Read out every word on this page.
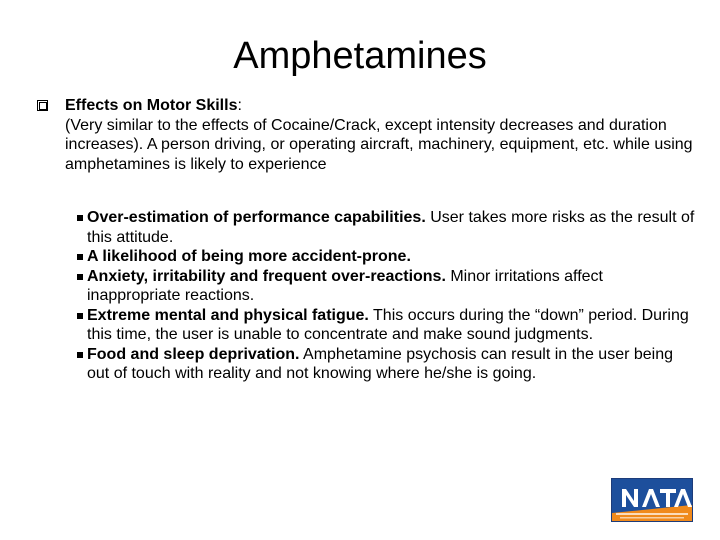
Amphetamines
Effects on Motor Skills:
(Very similar to the effects of Cocaine/Crack, except intensity decreases and duration increases). A person driving, or operating aircraft, machinery, equipment, etc. while using amphetamines is likely to experience
Over-estimation of performance capabilities. User takes more risks as the result of this attitude.
A likelihood of being more accident-prone.
Anxiety, irritability and frequent over-reactions. Minor irritations affect inappropriate reactions.
Extreme mental and physical fatigue. This occurs during the “down” period. During this time, the user is unable to concentrate and make sound judgments.
Food and sleep deprivation. Amphetamine psychosis can result in the user being out of touch with reality and not knowing where he/she is going.
